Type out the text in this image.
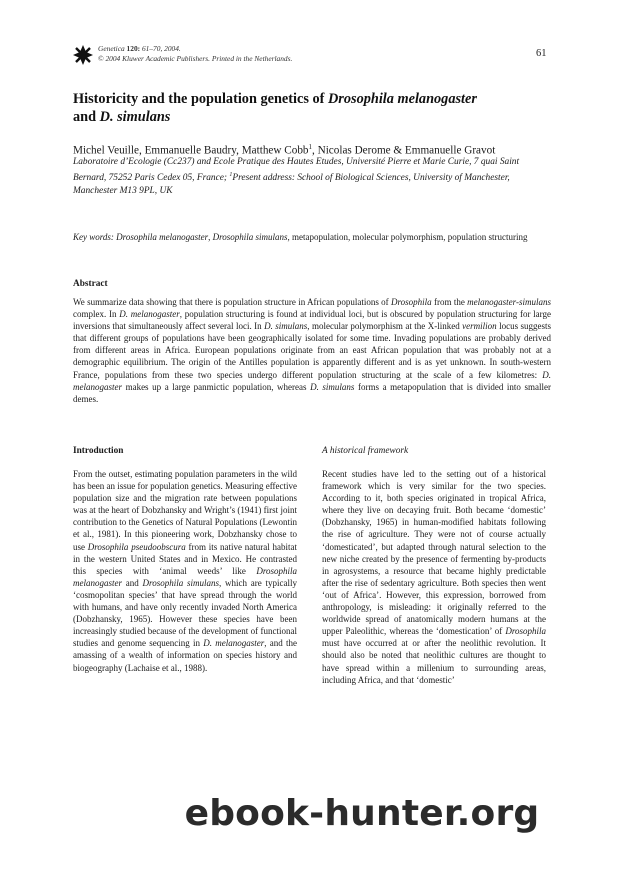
Genetica 120: 61–70, 2004.
© 2004 Kluwer Academic Publishers. Printed in the Netherlands.	61
Historicity and the population genetics of Drosophila melanogaster
and D. simulans
Michel Veuille, Emmanuelle Baudry, Matthew Cobb$^1$, Nicolas Derome & Emmanuelle Gravot
Laboratoire d’Ecologie (Cc237) and Ecole Pratique des Hautes Etudes, Université Pierre et Marie Curie, 7 quai Saint Bernard, 75252 Paris Cedex 05, France; $^1$Present address: School of Biological Sciences, University of Manchester, Manchester M13 9PL, UK
Key words: Drosophila melanogaster, Drosophila simulans, metapopulation, molecular polymorphism, population structuring
Abstract
We summarize data showing that there is population structure in African populations of Drosophila from the melanogaster-simulans complex. In D. melanogaster, population structuring is found at individual loci, but is obscured by population structuring for large inversions that simultaneously affect several loci. In D. simulans, molecular polymorphism at the X-linked vermilion locus suggests that different groups of populations have been geographically isolated for some time. Invading populations are probably derived from different areas in Africa. European populations originate from an east African population that was probably not at a demographic equilibrium. The origin of the Antilles population is apparently different and is as yet unknown. In south-western France, populations from these two species undergo different population structuring at the scale of a few kilometres: D. melanogaster makes up a large panmictic population, whereas D. simulans forms a metapopulation that is divided into smaller demes.
Introduction
From the outset, estimating population parameters in the wild has been an issue for population genetics. Measuring effective population size and the migration rate between populations was at the heart of Dobzhansky and Wright’s (1941) first joint contribution to the Genetics of Natural Populations (Lewontin et al., 1981). In this pioneering work, Dobzhansky chose to use Drosophila pseudoobscura from its native natural habitat in the western United States and in Mexico. He contrasted this species with ‘animal weeds’ like Drosophila melanogaster and Drosophila simulans, which are typically ‘cosmopolitan species’ that have spread through the world with humans, and have only recently invaded North America (Dobzhansky, 1965). However these species have been increasingly studied because of the development of functional studies and genome sequencing in D. melanogaster, and the amassing of a wealth of information on species history and biogeography (Lachaise et al., 1988).
A historical framework
Recent studies have led to the setting out of a historical framework which is very similar for the two species. According to it, both species originated in tropical Africa, where they live on decaying fruit. Both became ‘domestic’ (Dobzhansky, 1965) in human-modified habitats following the rise of agriculture. They were not of course actually ‘domesticated’, but adapted through natural selection to the new niche created by the presence of fermenting by-products in agrosystems, a resource that became highly predictable after the rise of sedentary agriculture. Both species then went ‘out of Africa’. However, this expression, borrowed from anthropology, is misleading: it originally referred to the worldwide spread of anatomically modern humans at the upper Paleolithic, whereas the ‘domestication’ of Drosophila must have occurred at or after the neolithic revolution. It should also be noted that neolithic cultures are thought to have spread within a millenium to surrounding areas, including Africa, and that ‘domestic’
ebook-hunter.org
